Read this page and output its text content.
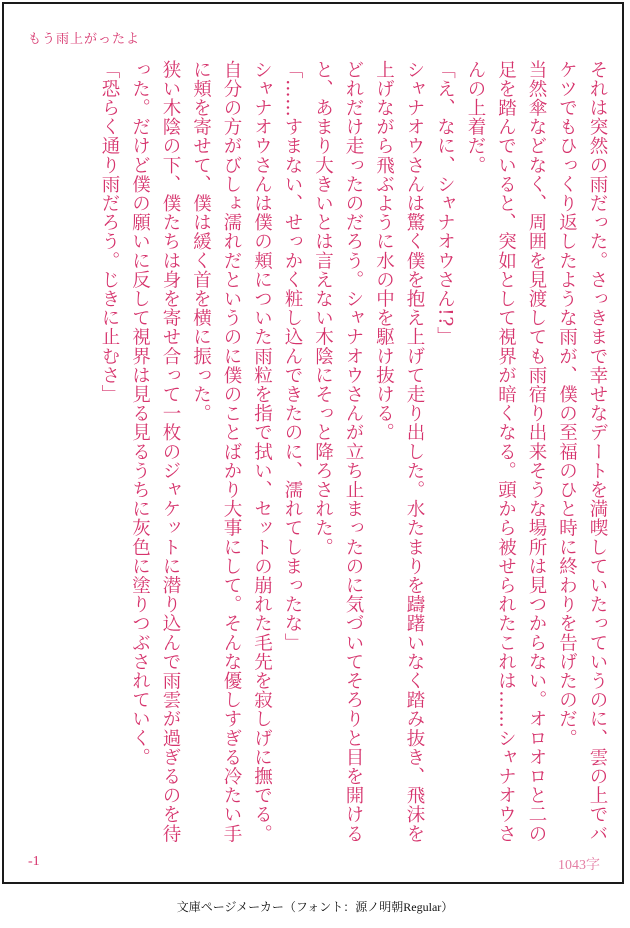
もう雨上がったよ

それは突然の雨だった。さっきまで幸せなデートを満喫していたっていうのに、雲の上でバケツでもひっくり返したような雨が、僕の至福のひと時に終わりを告げたのだ。

当然傘などなく、周囲を見渡しても雨宿り出来そうな場所は見つからない。オロオロと二の足を踏んでいると、突如として視界が暗くなる。頭から被せられたこれは……シャナオウさんの上着だ。

「え、なに、シャナオウさん!?」

シャナオウさんは驚く僕を抱え上げて走り出した。水たまりを躊躇いなく踏み抜き、飛沫を上げながら飛ぶように水の中を駆け抜ける。

どれだけ走ったのだろう。シャナオウさんが立ち止まったのに気づいてそろりと目を開けると、あまり大きいとは言えない木陰にそっと降ろされた。

「……すまない、せっかく粧し込んできたのに、濡れてしまったな」

シャナオウさんは僕の頬についた雨粒を指で拭い、セットの崩れた毛先を寂しげに撫でる。自分の方がびしょ濡れだというのに僕のことばかり大事にして。そんな優しすぎる冷たい手に頬を寄せて、僕は緩く首を横に振った。

狭い木陰の下、僕たちは身を寄せ合って一枚のジャケットに潜り込んで雨雲が過ぎるのを待った。だけど僕の願いに反して視界は見る見るうちに灰色に塗りつぶされていく。

「恐らく通り雨だろう。じきに止むさ」

-1	1043字
文庫ページメーカー（フォント：源ノ明朝Regular）
